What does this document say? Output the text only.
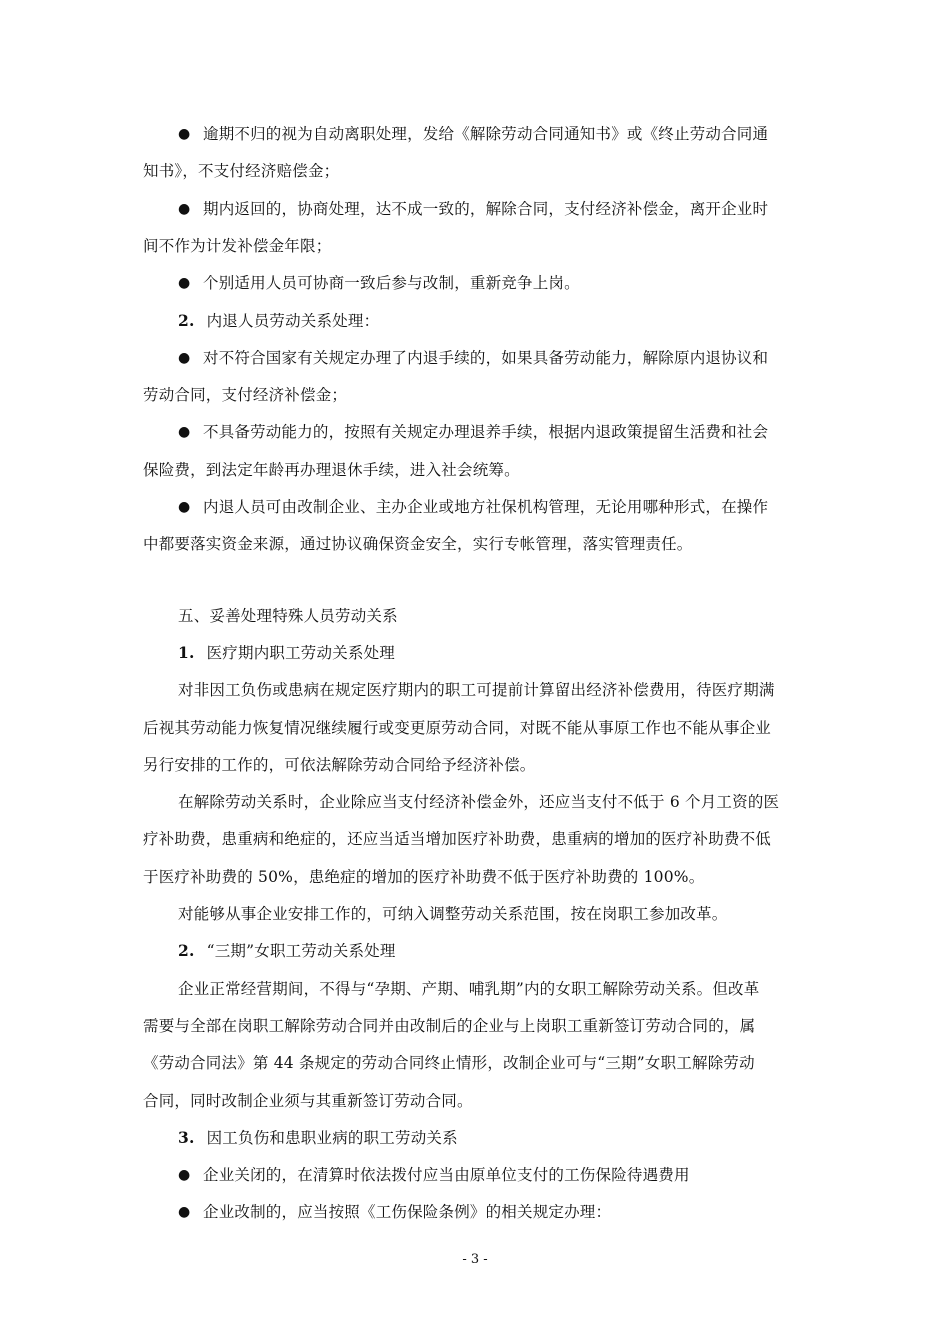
● 逾期不归的视为自动离职处理，发给《解除劳动合同通知书》或《终止劳动合同通
知书》，不支付经济赔偿金；
● 期内返回的，协商处理，达不成一致的，解除合同，支付经济补偿金，离开企业时
间不作为计发补偿金年限；
● 个别适用人员可协商一致后参与改制，重新竞争上岗。
2. 内退人员劳动关系处理：
● 对不符合国家有关规定办理了内退手续的，如果具备劳动能力，解除原内退协议和
劳动合同，支付经济补偿金；
● 不具备劳动能力的，按照有关规定办理退养手续，根据内退政策提留生活费和社会
保险费，到法定年龄再办理退休手续，进入社会统筹。
● 内退人员可由改制企业、主办企业或地方社保机构管理，无论用哪种形式，在操作
中都要落实资金来源，通过协议确保资金安全，实行专帐管理，落实管理责任。
五、妥善处理特殊人员劳动关系
1. 医疗期内职工劳动关系处理
对非因工负伤或患病在规定医疗期内的职工可提前计算留出经济补偿费用，待医疗期满
后视其劳动能力恢复情况继续履行或变更原劳动合同，对既不能从事原工作也不能从事企业
另行安排的工作的，可依法解除劳动合同给予经济补偿。
在解除劳动关系时，企业除应当支付经济补偿金外，还应当支付不低于 6 个月工资的医
疗补助费，患重病和绝症的，还应当适当增加医疗补助费，患重病的增加的医疗补助费不低
于医疗补助费的 50%，患绝症的增加的医疗补助费不低于医疗补助费的 100%。
对能够从事企业安排工作的，可纳入调整劳动关系范围，按在岗职工参加改革。
2. “三期”女职工劳动关系处理
企业正常经营期间，不得与“孕期、产期、哺乳期”内的女职工解除劳动关系。但改革
需要与全部在岗职工解除劳动合同并由改制后的企业与上岗职工重新签订劳动合同的，属
《劳动合同法》第 44 条规定的劳动合同终止情形，改制企业可与“三期”女职工解除劳动
合同，同时改制企业须与其重新签订劳动合同。
3. 因工负伤和患职业病的职工劳动关系
● 企业关闭的，在清算时依法拨付应当由原单位支付的工伤保险待遇费用
● 企业改制的，应当按照《工伤保险条例》的相关规定办理：
- 3 -
